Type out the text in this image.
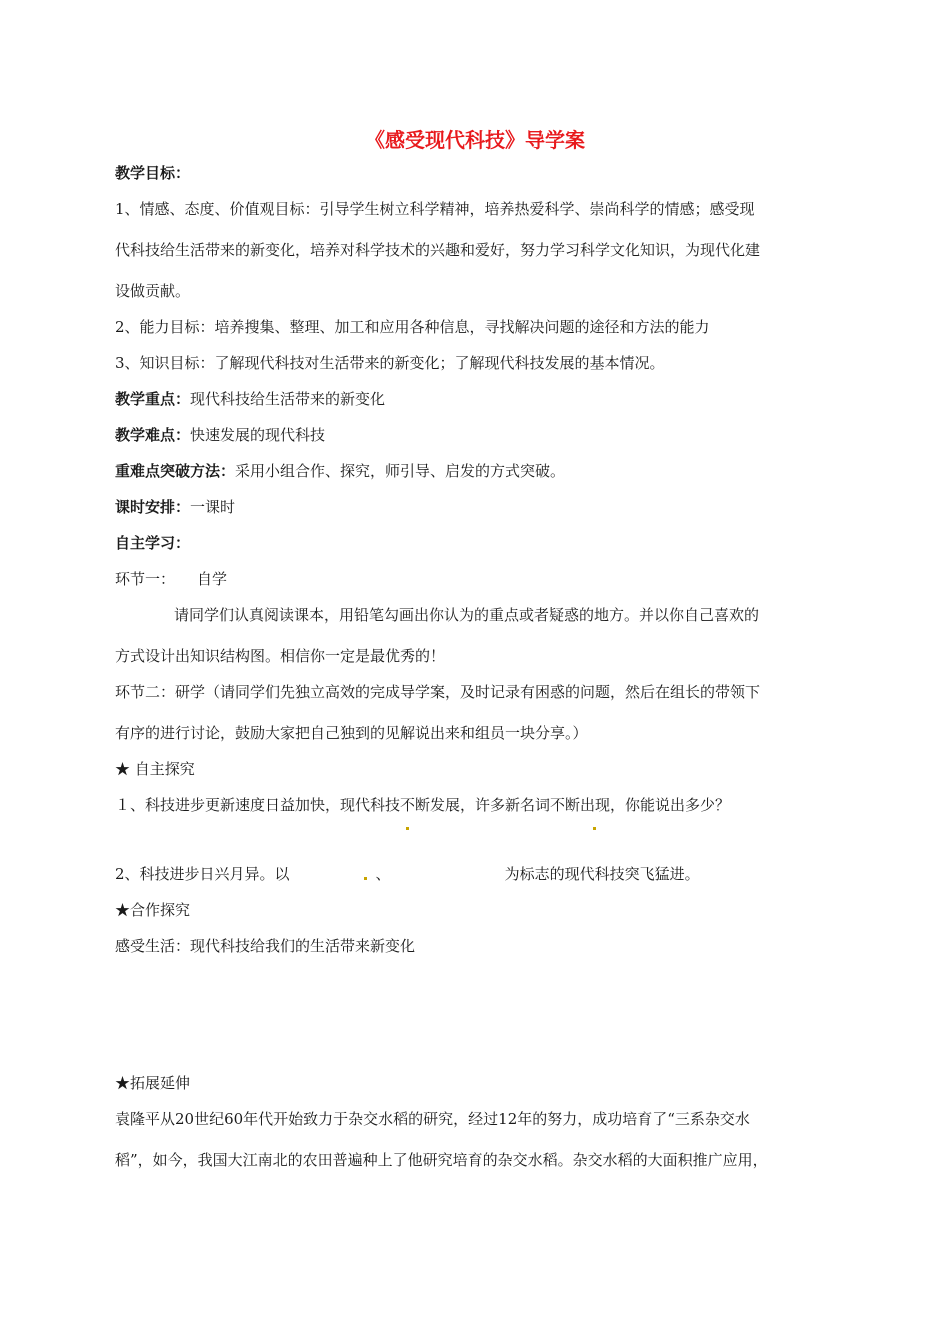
《感受现代科技》导学案
教学目标：
1、情感、态度、价值观目标：引导学生树立科学精神，培养热爱科学、崇尚科学的情感；感受现
代科技给生活带来的新变化，培养对科学技术的兴趣和爱好，努力学习科学文化知识，为现代化建
设做贡献。
2、能力目标：培养搜集、整理、加工和应用各种信息，寻找解决问题的途径和方法的能力
3、知识目标：了解现代科技对生活带来的新变化；了解现代科技发展的基本情况。
教学重点：现代科技给生活带来的新变化
教学难点：快速发展的现代科技
重难点突破方法：采用小组合作、探究，师引导、启发的方式突破。
课时安排：一课时
自主学习：
环节一： 自学
请同学们认真阅读课本，用铅笔勾画出你认为的重点或者疑惑的地方。并以你自己喜欢的
方式设计出知识结构图。相信你一定是最优秀的！
环节二：研学（请同学们先独立高效的完成导学案，及时记录有困惑的问题，然后在组长的带领下
有序的进行讨论，鼓励大家把自己独到的见解说出来和组员一块分享。）
★ 自主探究
１、科技进步更新速度日益加快，现代科技不断发展，许多新名词不断出现，你能说出多少？
2、科技进步日兴月异。以	、	为标志的现代科技突飞猛进。
★合作探究
感受生活：现代科技给我们的生活带来新变化
★拓展延伸
袁隆平从20世纪60年代开始致力于杂交水稻的研究，经过12年的努力，成功培育了“三系杂交水
稻”，如今，我国大江南北的农田普遍种上了他研究培育的杂交水稻。杂交水稻的大面积推广应用，
